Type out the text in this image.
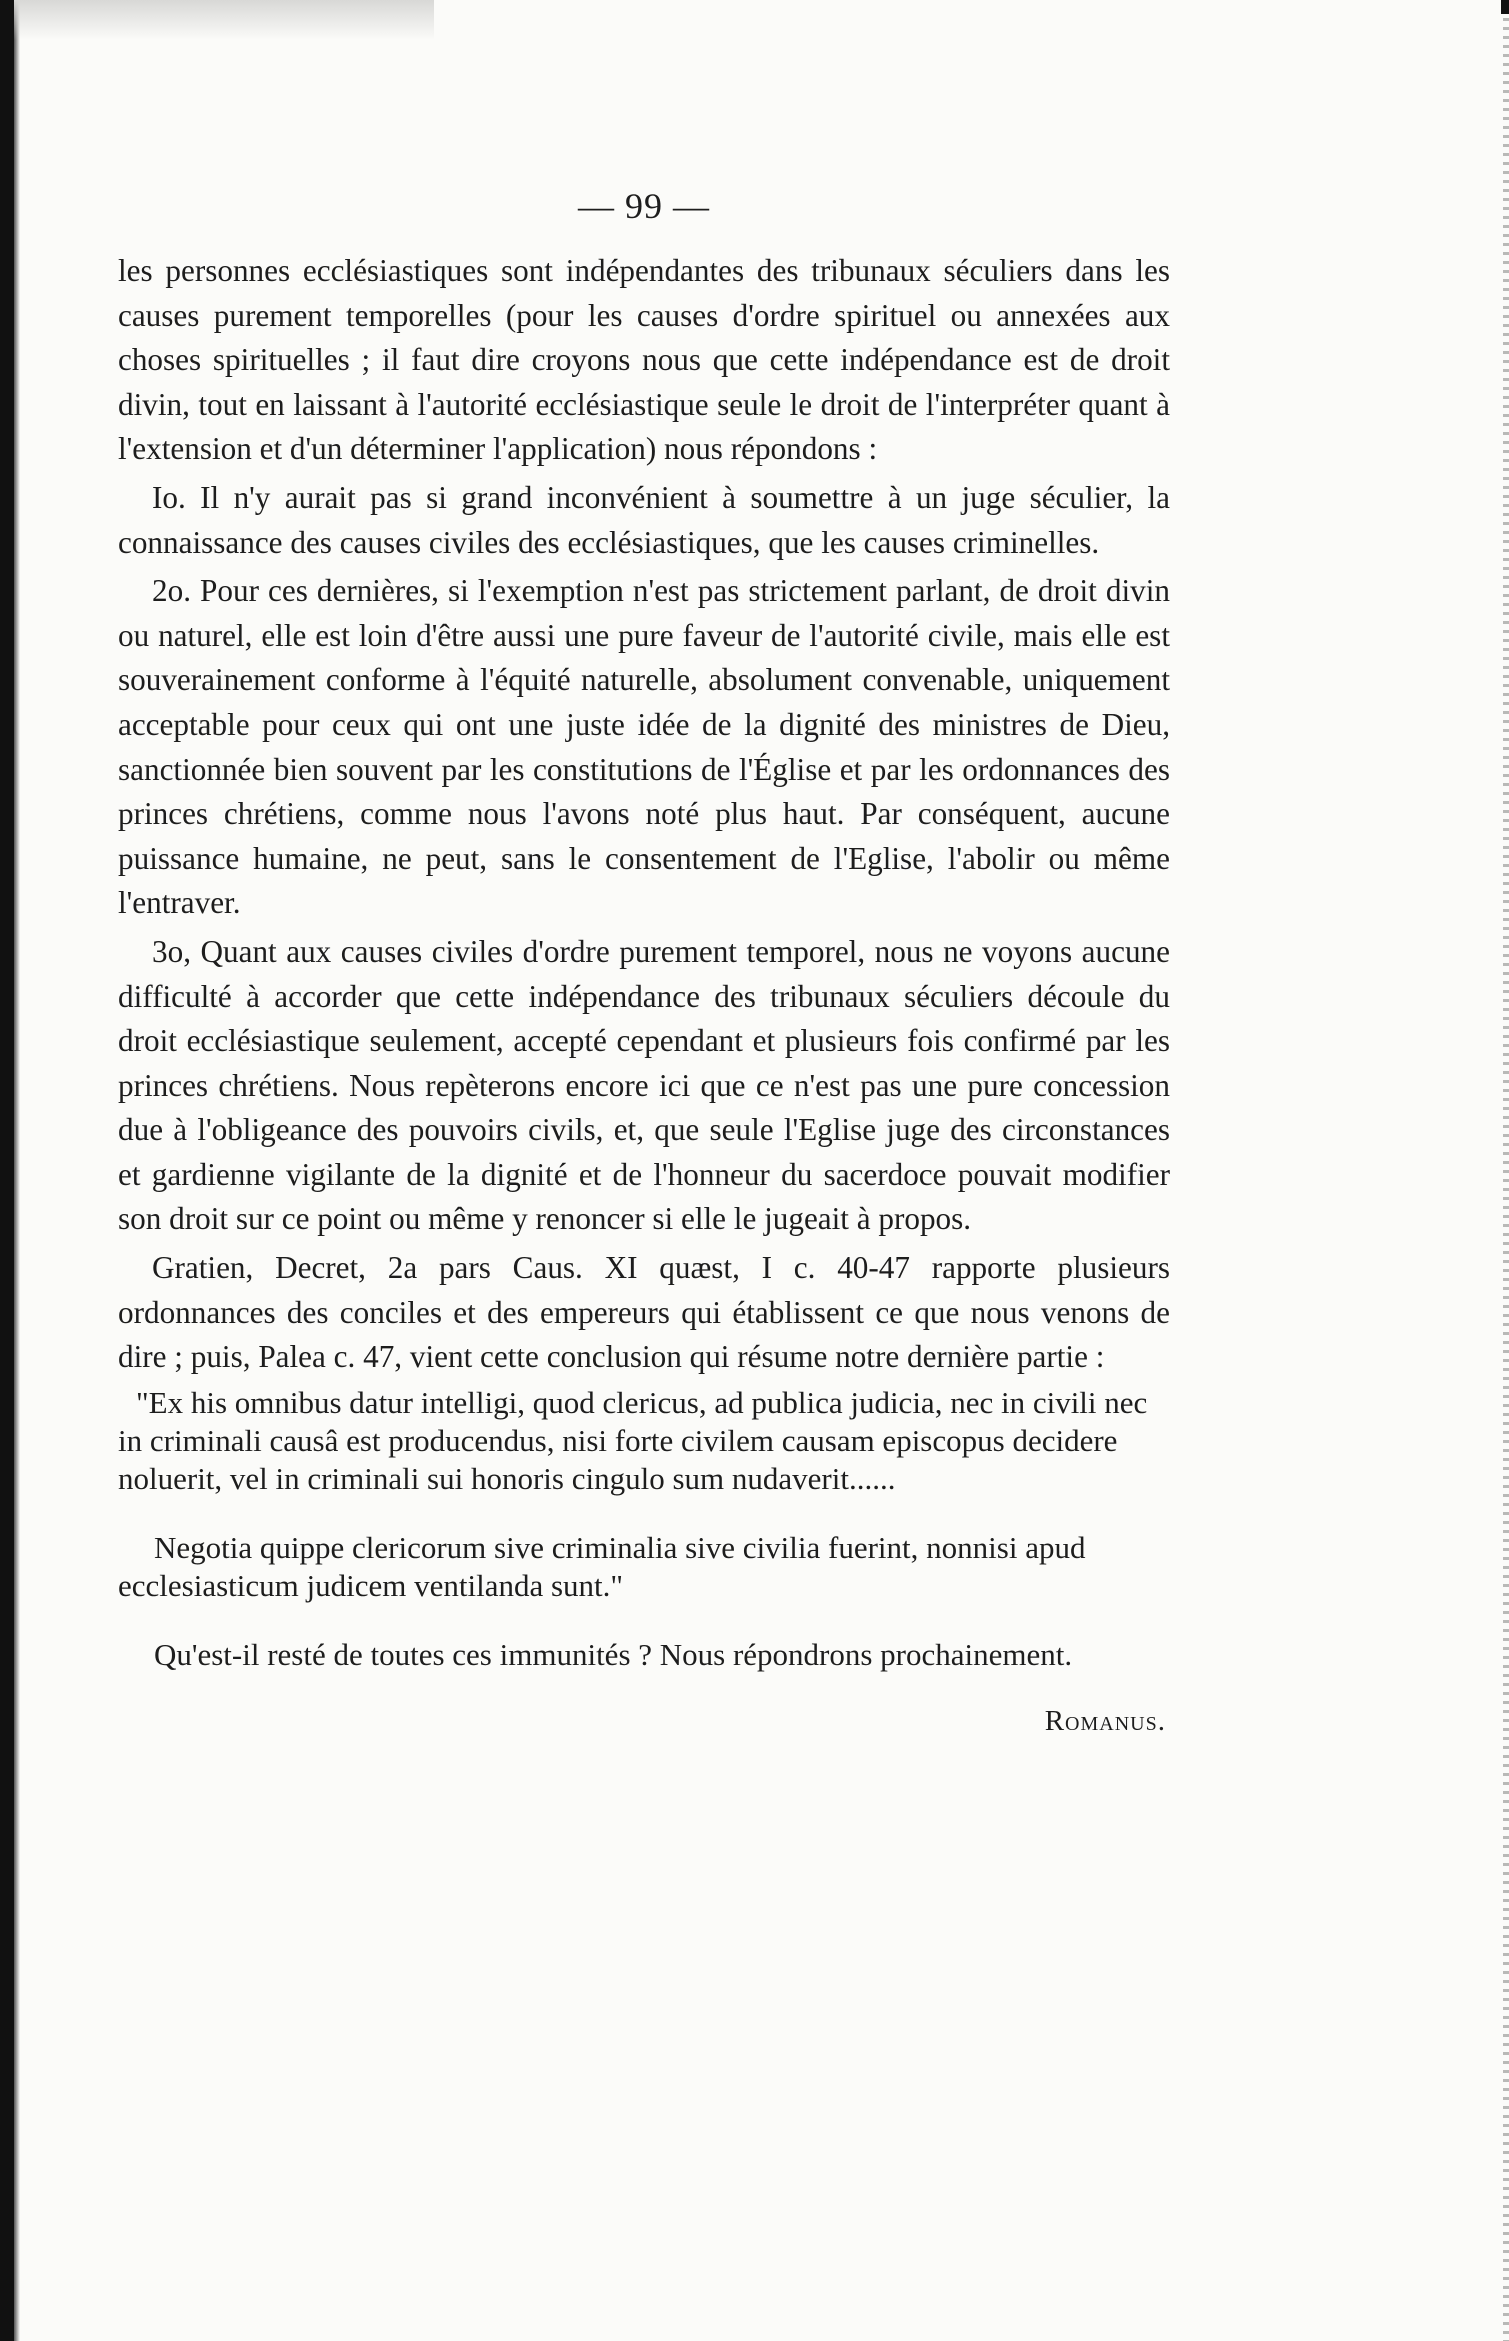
— 99 —

les personnes ecclésiastiques sont indépendantes des tribunaux séculiers dans les causes purement temporelles (pour les causes d'ordre spirituel ou annexées aux choses spirituelles ; il faut dire croyons nous que cette indépendance est de droit divin, tout en laissant à l'autorité ecclésiastique seule le droit de l'interpréter quant à l'extension et d'un déterminer l'application) nous répondons :

Io. Il n'y aurait pas si grand inconvénient à soumettre à un juge séculier, la connaissance des causes civiles des ecclésiastiques, que les causes criminelles.

2o. Pour ces dernières, si l'exemption n'est pas strictement parlant, de droit divin ou naturel, elle est loin d'être aussi une pure faveur de l'autorité civile, mais elle est souverainement conforme à l'équité naturelle, absolument convenable, uniquement acceptable pour ceux qui ont une juste idée de la dignité des ministres de Dieu, sanctionnée bien souvent par les constitutions de l'Église et par les ordonnances des princes chrétiens, comme nous l'avons noté plus haut. Par conséquent, aucune puissance humaine, ne peut, sans le consentement de l'Eglise, l'abolir ou même l'entraver.

3o, Quant aux causes civiles d'ordre purement temporel, nous ne voyons aucune difficulté à accorder que cette indépendance des tribunaux séculiers découle du droit ecclésiastique seulement, accepté cependant et plusieurs fois confirmé par les princes chrétiens. Nous repèterons encore ici que ce n'est pas une pure concession due à l'obligeance des pouvoirs civils, et, que seule l'Eglise juge des circonstances et gardienne vigilante de la dignité et de l'honneur du sacerdoce pouvait modifier son droit sur ce point ou même y renoncer si elle le jugeait à propos.

Gratien, Decret, 2a pars Caus. XI quæst, I c. 40-47 rapporte plusieurs ordonnances des conciles et des empereurs qui établissent ce que nous venons de dire ; puis, Palea c. 47, vient cette conclusion qui résume notre dernière partie :

"Ex his omnibus datur intelligi, quod clericus, ad publica judicia, nec in civili nec in criminali causâ est producendus, nisi forte civilem causam episcopus decidere noluerit, vel in criminali sui honoris cingulo sum nudaverit......

Negotia quippe clericorum sive criminalia sive civilia fuerint, nonnisi apud ecclesiasticum judicem ventilanda sunt."

Qu'est-il resté de toutes ces immunités ? Nous répondrons prochainement.

Romanus.
